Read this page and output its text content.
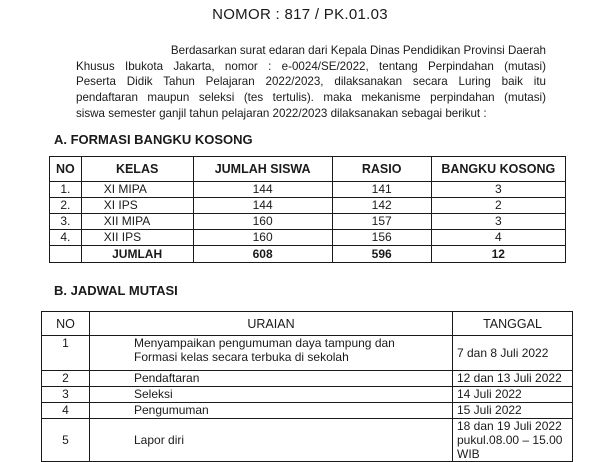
NOMOR : 817 / PK.01.03
Berdasarkan surat edaran dari Kepala Dinas Pendidikan Provinsi Daerah
Khusus Ibukota Jakarta, nomor : e-0024/SE/2022, tentang Perpindahan (mutasi)
Peserta Didik Tahun Pelajaran 2022/2023, dilaksanakan secara Luring baik itu
pendaftaran maupun seleksi (tes tertulis). maka mekanisme perpindahan (mutasi)
siswa semester ganjil tahun pelajaran 2022/2023 dilaksanakan sebagai berikut :
A. FORMASI BANGKU KOSONG
NO	KELAS	JUMLAH SISWA	RASIO	BANGKU KOSONG
1.	XI MIPA	144	141	3
2.	XI IPS	144	142	2
3.	XII MIPA	160	157	3
4.	XII IPS	160	156	4
	JUMLAH	608	596	12
B. JADWAL MUTASI
NO	URAIAN	TANGGAL
1	Menyampaikan pengumuman daya tampung dan
Formasi kelas secara terbuka di sekolah	7 dan 8 Juli 2022
2	Pendaftaran	12 dan 13 Juli 2022
3	Seleksi	14 Juli 2022
4	Pengumuman	15 Juli 2022
5	Lapor diri	18 dan 19 Juli 2022
pukul.08.00 – 15.00 WIB
